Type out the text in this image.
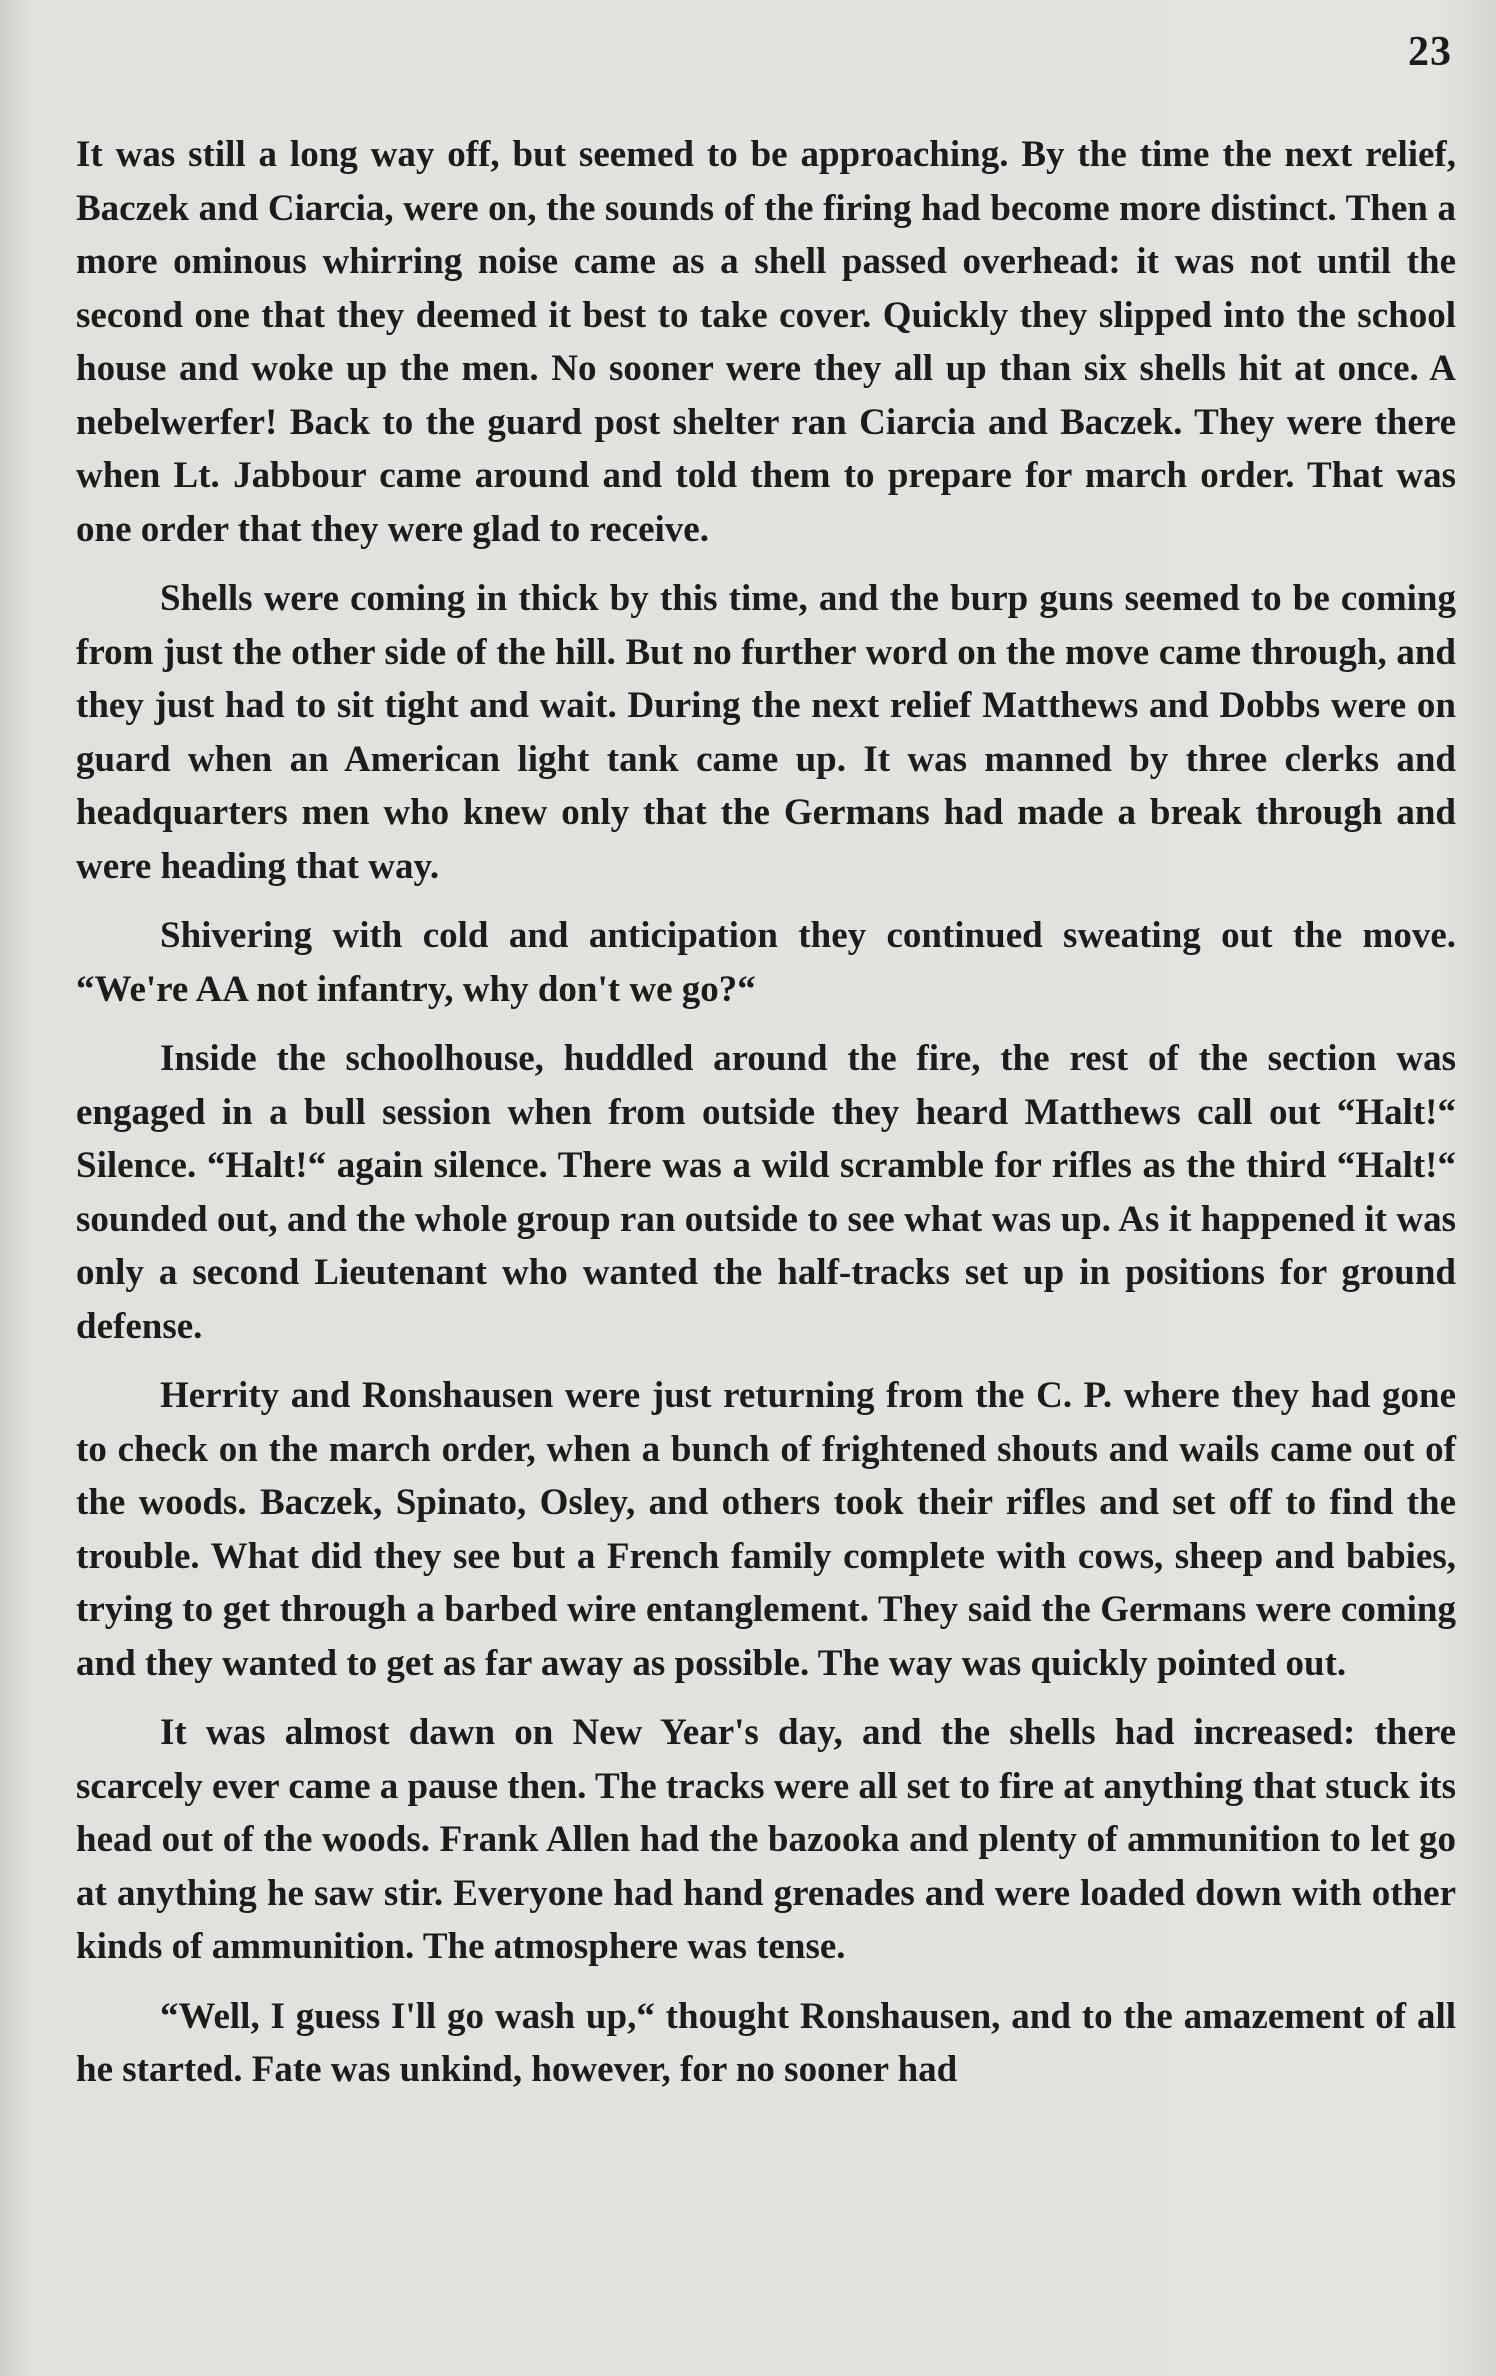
23

It was still a long way off, but seemed to be approaching. By the time the next relief, Baczek and Ciarcia, were on, the sounds of the firing had become more distinct. Then a more ominous whirring noise came as a shell passed overhead: it was not until the second one that they deemed it best to take cover. Quickly they slipped into the school house and woke up the men. No sooner were they all up than six shells hit at once. A nebelwerfer! Back to the guard post shelter ran Ciarcia and Baczek. They were there when Lt. Jabbour came around and told them to prepare for march order. That was one order that they were glad to receive.

Shells were coming in thick by this time, and the burp guns seemed to be coming from just the other side of the hill. But no further word on the move came through, and they just had to sit tight and wait. During the next relief Matthews and Dobbs were on guard when an American light tank came up. It was manned by three clerks and headquarters men who knew only that the Germans had made a break through and were heading that way.

Shivering with cold and anticipation they continued sweating out the move. “We're AA not infantry, why don't we go?“

Inside the schoolhouse, huddled around the fire, the rest of the section was engaged in a bull session when from outside they heard Matthews call out “Halt!“ Silence. “Halt!“ again silence. There was a wild scramble for rifles as the third “Halt!“ sounded out, and the whole group ran outside to see what was up. As it happened it was only a second Lieutenant who wanted the half-tracks set up in positions for ground defense.

Herrity and Ronshausen were just returning from the C. P. where they had gone to check on the march order, when a bunch of frightened shouts and wails came out of the woods. Baczek, Spinato, Osley, and others took their rifles and set off to find the trouble. What did they see but a French family complete with cows, sheep and babies, trying to get through a barbed wire entanglement. They said the Germans were coming and they wanted to get as far away as possible. The way was quickly pointed out.

It was almost dawn on New Year's day, and the shells had increased: there scarcely ever came a pause then. The tracks were all set to fire at anything that stuck its head out of the woods. Frank Allen had the bazooka and plenty of ammunition to let go at anything he saw stir. Everyone had hand grenades and were loaded down with other kinds of ammunition. The atmosphere was tense.

“Well, I guess I'll go wash up,“ thought Ronshausen, and to the amazement of all he started. Fate was unkind, however, for no sooner had
